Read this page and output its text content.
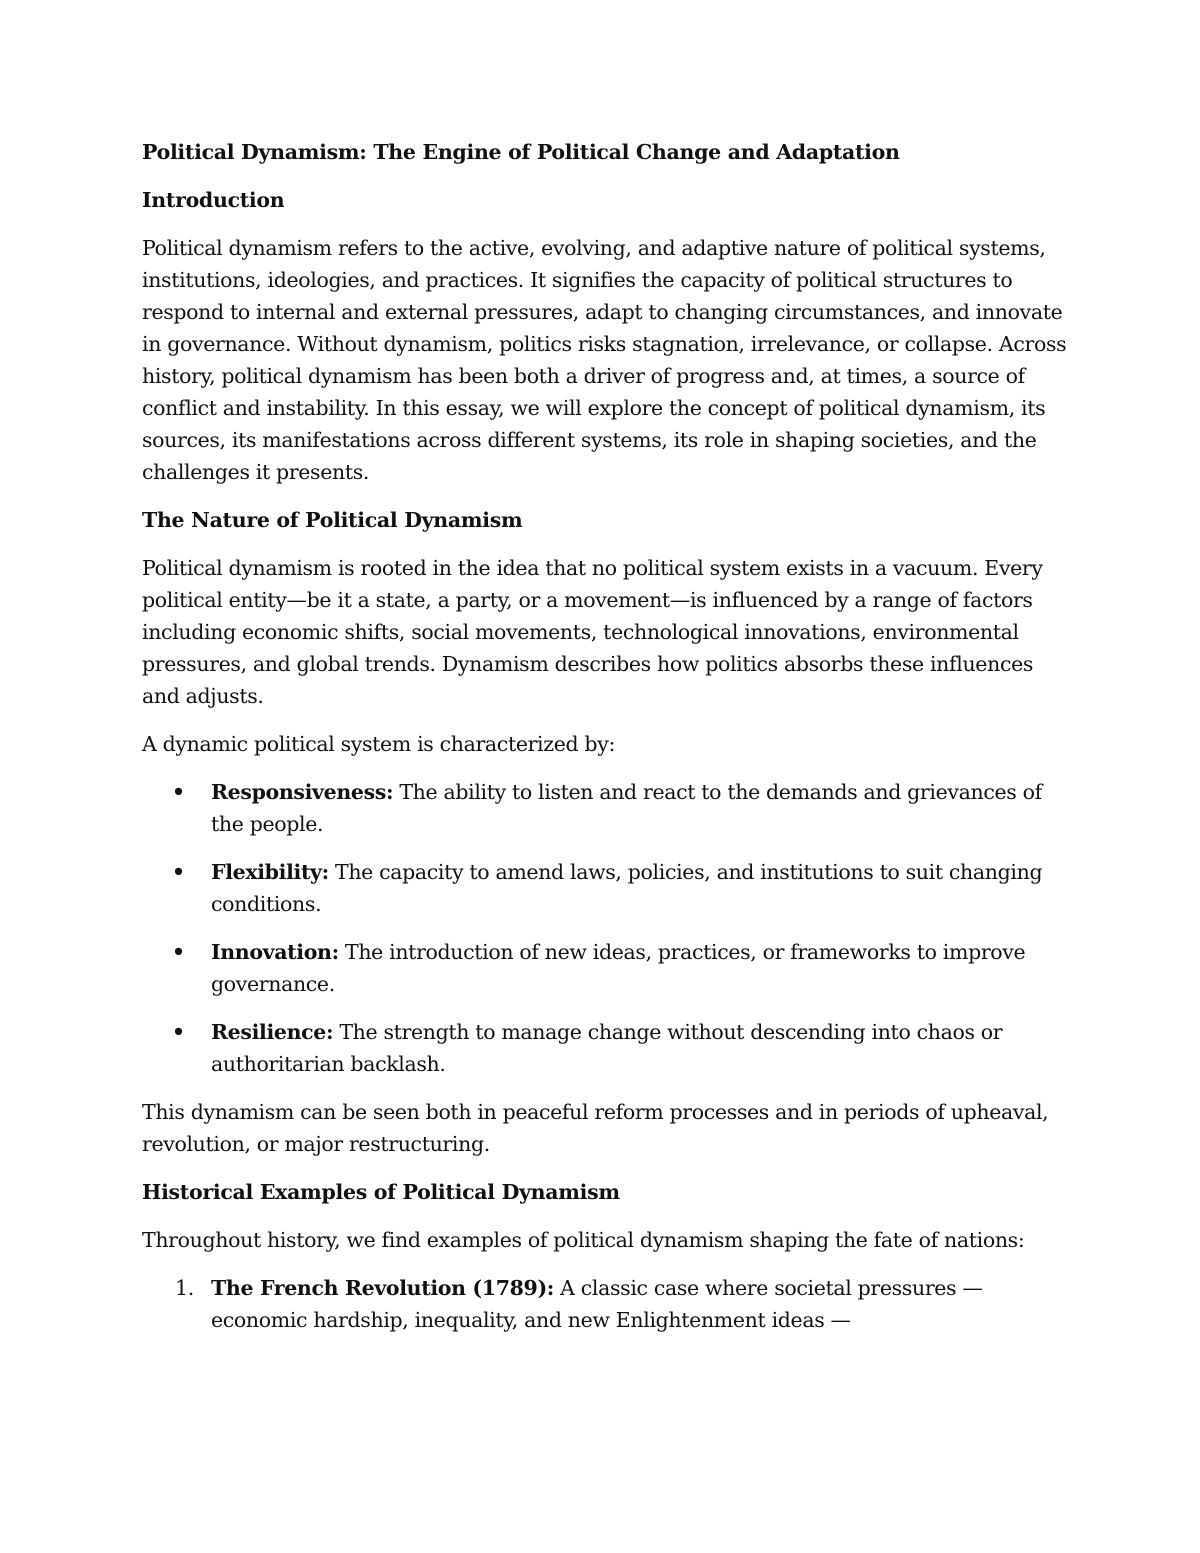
Political Dynamism: The Engine of Political Change and Adaptation
Introduction

Political dynamism refers to the active, evolving, and adaptive nature of political systems, institutions, ideologies, and practices. It signifies the capacity of political structures to respond to internal and external pressures, adapt to changing circumstances, and innovate in governance. Without dynamism, politics risks stagnation, irrelevance, or collapse. Across history, political dynamism has been both a driver of progress and, at times, a source of conflict and instability. In this essay, we will explore the concept of political dynamism, its sources, its manifestations across different systems, its role in shaping societies, and the challenges it presents.

The Nature of Political Dynamism

Political dynamism is rooted in the idea that no political system exists in a vacuum. Every political entity—be it a state, a party, or a movement—is influenced by a range of factors including economic shifts, social movements, technological innovations, environmental pressures, and global trends. Dynamism describes how politics absorbs these influences and adjusts.

A dynamic political system is characterized by:

• Responsiveness: The ability to listen and react to the demands and grievances of the people.
• Flexibility: The capacity to amend laws, policies, and institutions to suit changing conditions.
• Innovation: The introduction of new ideas, practices, or frameworks to improve governance.
• Resilience: The strength to manage change without descending into chaos or authoritarian backlash.

This dynamism can be seen both in peaceful reform processes and in periods of upheaval, revolution, or major restructuring.

Historical Examples of Political Dynamism

Throughout history, we find examples of political dynamism shaping the fate of nations:

1. The French Revolution (1789): A classic case where societal pressures — economic hardship, inequality, and new Enlightenment ideas —
